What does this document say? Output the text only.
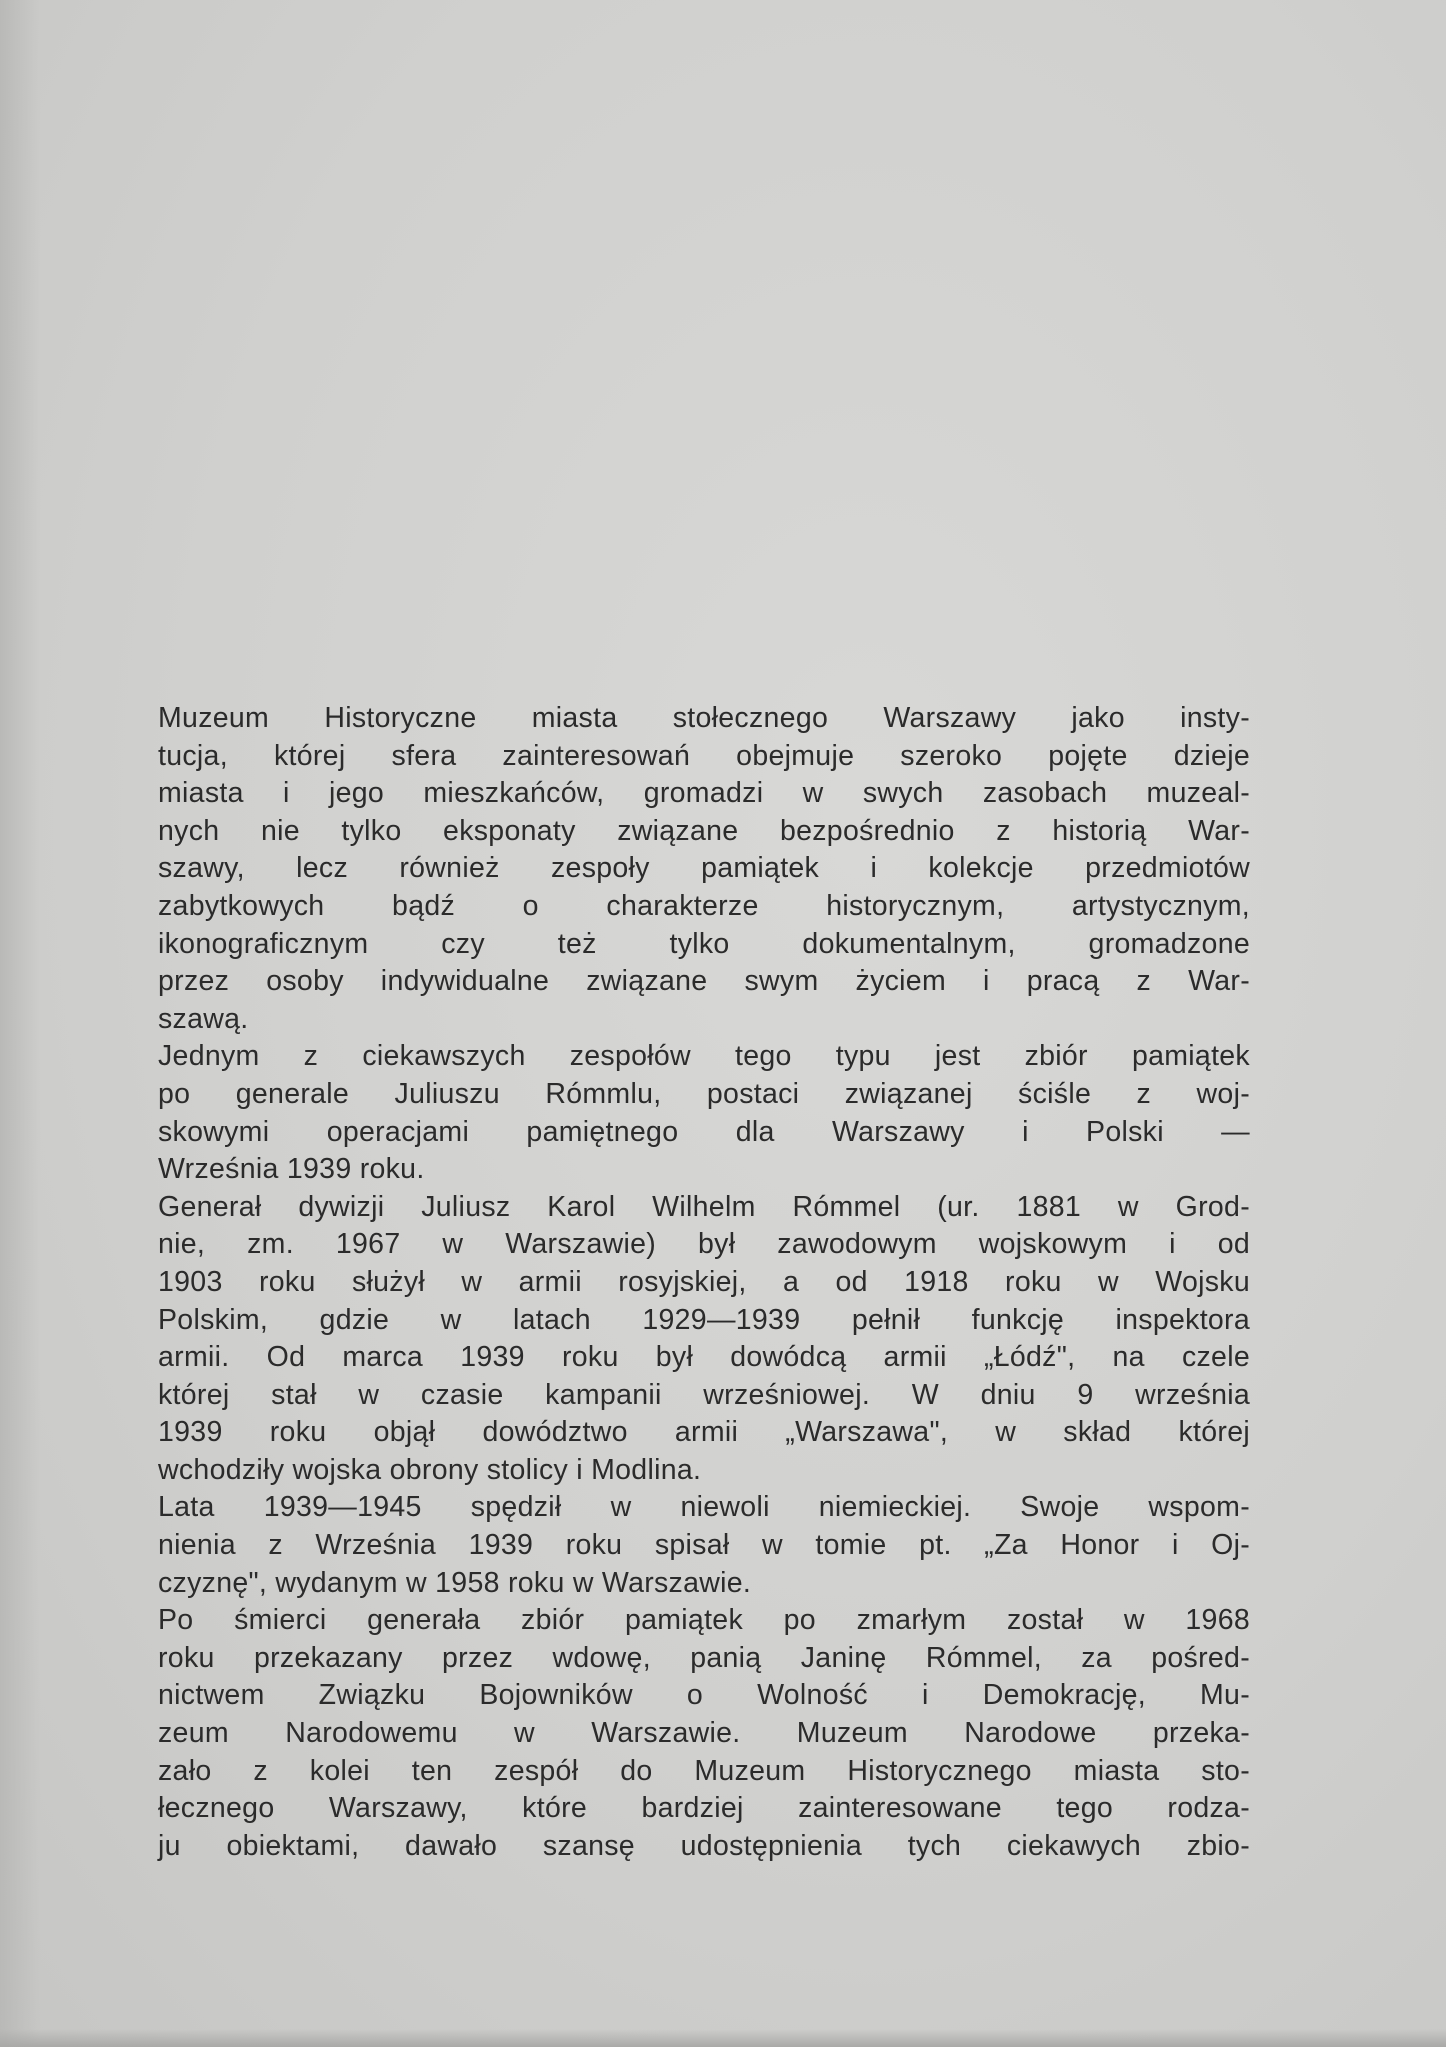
Muzeum Historyczne miasta stołecznego Warszawy jako insty-
tucja, której sfera zainteresowań obejmuje szeroko pojęte dzieje
miasta i jego mieszkańców, gromadzi w swych zasobach muzeal-
nych nie tylko eksponaty związane bezpośrednio z historią War-
szawy, lecz również zespoły pamiątek i kolekcje przedmiotów
zabytkowych bądź o charakterze historycznym, artystycznym,
ikonograficznym czy też tylko dokumentalnym, gromadzone
przez osoby indywidualne związane swym życiem i pracą z War-
szawą.
Jednym z ciekawszych zespołów tego typu jest zbiór pamiątek
po generale Juliuszu Rómmlu, postaci związanej ściśle z woj-
skowymi operacjami pamiętnego dla Warszawy i Polski —
Września 1939 roku.
Generał dywizji Juliusz Karol Wilhelm Rómmel (ur. 1881 w Grod-
nie, zm. 1967 w Warszawie) był zawodowym wojskowym i od
1903 roku służył w armii rosyjskiej, a od 1918 roku w Wojsku
Polskim, gdzie w latach 1929—1939 pełnił funkcję inspektora
armii. Od marca 1939 roku był dowódcą armii „Łódź", na czele
której stał w czasie kampanii wrześniowej. W dniu 9 września
1939 roku objął dowództwo armii „Warszawa", w skład której
wchodziły wojska obrony stolicy i Modlina.
Lata 1939—1945 spędził w niewoli niemieckiej. Swoje wspom-
nienia z Września 1939 roku spisał w tomie pt. „Za Honor i Oj-
czyznę", wydanym w 1958 roku w Warszawie.
Po śmierci generała zbiór pamiątek po zmarłym został w 1968
roku przekazany przez wdowę, panią Janinę Rómmel, za pośred-
nictwem Związku Bojowników o Wolność i Demokrację, Mu-
zeum Narodowemu w Warszawie. Muzeum Narodowe przeka-
zało z kolei ten zespół do Muzeum Historycznego miasta sto-
łecznego Warszawy, które bardziej zainteresowane tego rodza-
ju obiektami, dawało szansę udostępnienia tych ciekawych zbio-
